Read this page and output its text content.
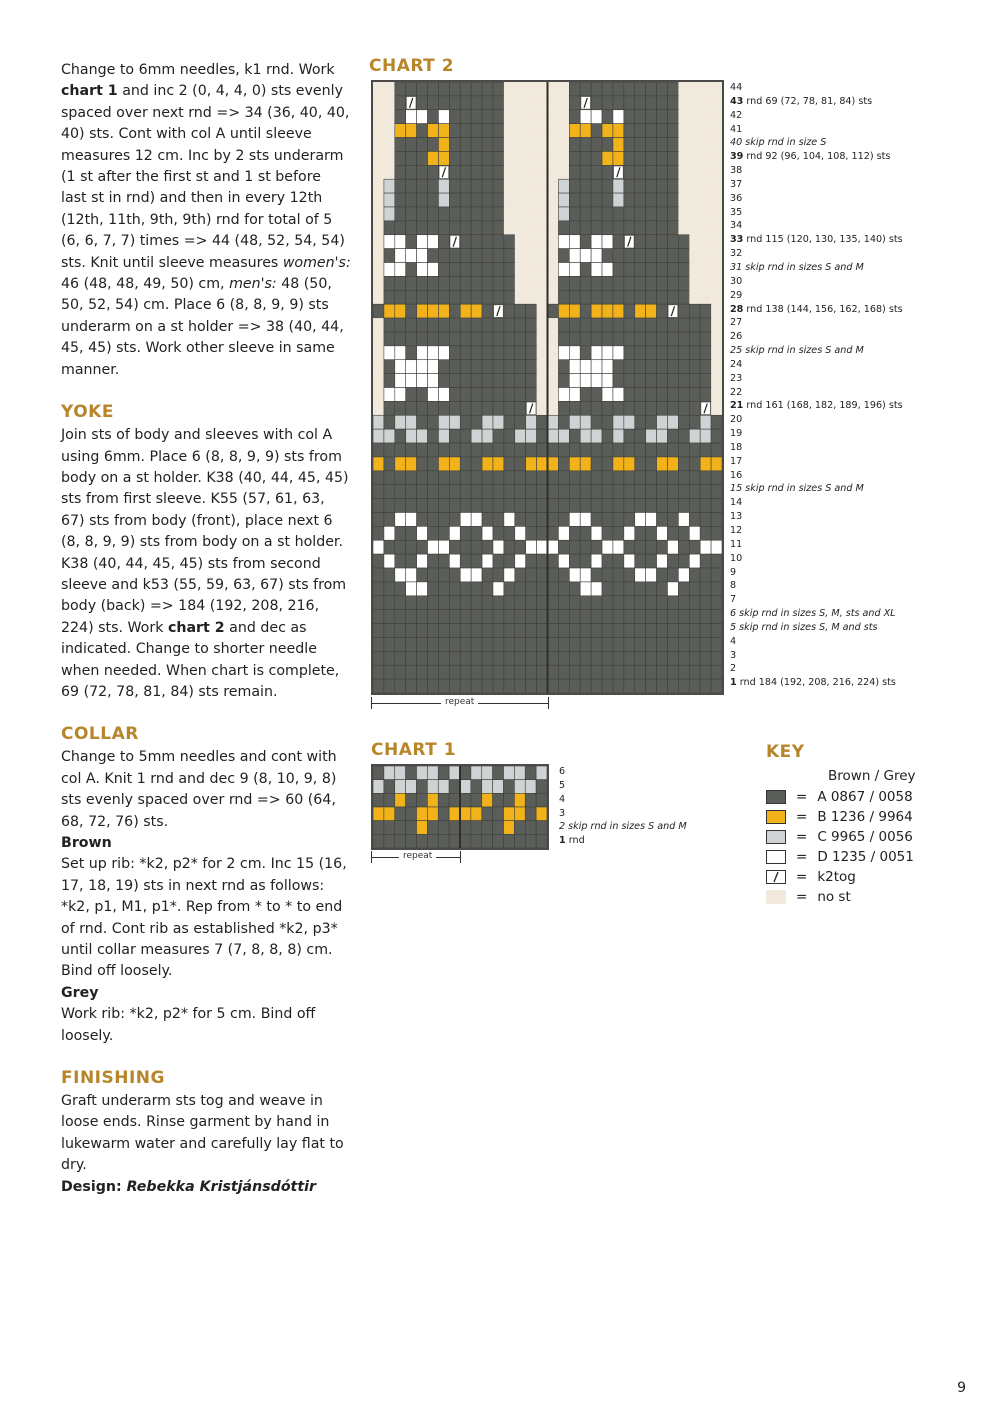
Change to 6mm needles, k1 rnd. Work chart 1 and inc 2 (0, 4, 4, 0) sts evenly spaced over next rnd => 34 (36, 40, 40, 40) sts. Cont with col A until sleeve measures 12 cm. Inc by 2 sts underarm (1 st after the first st and 1 st before last st in rnd) and then in every 12th (12th, 11th, 9th, 9th) rnd for total of 5 (6, 6, 7, 7) times => 44 (48, 52, 54, 54) sts. Knit until sleeve measures women's: 46 (48, 48, 49, 50) cm, men's: 48 (50, 50, 52, 54) cm. Place 6 (8, 8, 9, 9) sts underarm on a st holder => 38 (40, 44, 45, 45) sts. Work other sleeve in same manner.

YOKE

Join sts of body and sleeves with col A using 6mm. Place 6 (8, 8, 9, 9) sts from body on a st holder. K38 (40, 44, 45, 45) sts from first sleeve. K55 (57, 61, 63, 67) sts from body (front), place next 6 (8, 8, 9, 9) sts from body on a st holder. K38 (40, 44, 45, 45) sts from second sleeve and k53 (55, 59, 63, 67) sts from body (back) => 184 (192, 208, 216, 224) sts. Work chart 2 and dec as indicated. Change to shorter needle when needed. When chart is complete, 69 (72, 78, 81, 84) sts remain.

COLLAR

Change to 5mm needles and cont with col A. Knit 1 rnd and dec 9 (8, 10, 9, 8) sts evenly spaced over rnd => 60 (64, 68, 72, 76) sts.

Brown

Set up rib: *k2, p2* for 2 cm. Inc 15 (16, 17, 18, 19) sts in next rnd as follows: *k2, p1, M1, p1*. Rep from * to * to end of rnd. Cont rib as established *k2, p3* until collar measures 7 (7, 8, 8, 8) cm. Bind off loosely.

Grey

Work rib: *k2, p2* for 5 cm. Bind off loosely.

FINISHING

Graft underarm sts tog and weave in loose ends. Rinse garment by hand in lukewarm water and carefully lay flat to dry.

Design: Rebekka Kristjánsdóttir

CHART 2
44
43 rnd 69 (72, 78, 81, 84) sts
42
41
40 skip rnd in size S
39 rnd 92 (96, 104, 108, 112) sts
38
37
36
35
34
33 rnd 115 (120, 130, 135, 140) sts
32
31 skip rnd in sizes S and M
30
29
28 rnd 138 (144, 156, 162, 168) sts
27
26
25 skip rnd in sizes S and M
24
23
22
21 rnd 161 (168, 182, 189, 196) sts
20
19
18
17
16
15 skip rnd in sizes S and M
14
13
12
11
10
9
8
7
6 skip rnd in sizes S, M, sts and XL
5 skip rnd in sizes S, M and sts
4
3
2
1 rnd 184 (192, 208, 216, 224) sts
repeat
CHART 1
6
5
4
3
2 skip rnd in sizes S and M
1 rnd
repeat
KEY
Brown / Grey
= A 0867 / 0058
= B 1236 / 9964
= C 9965 / 0056
= D 1235 / 0051
= k2tog
= no st
9
